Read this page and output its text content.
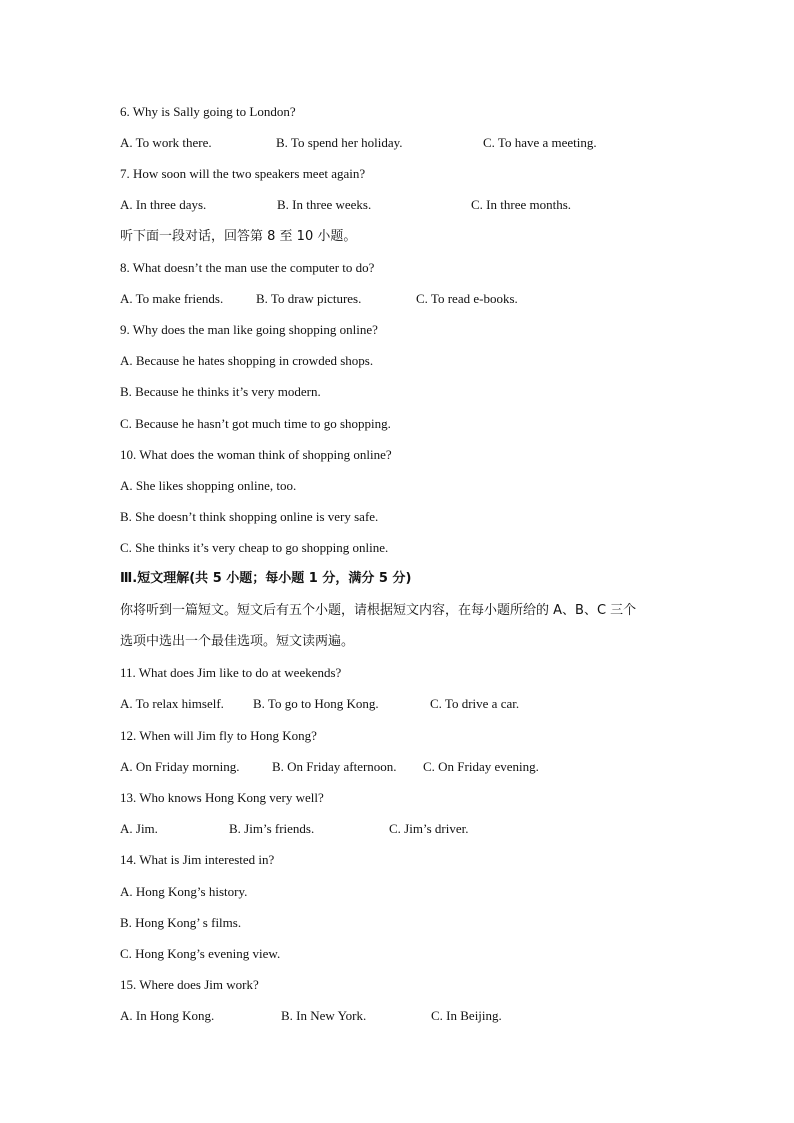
6. Why is Sally going to London?
A. To work there.	B. To spend her holiday.	C. To have a meeting.
7. How soon will the two speakers meet again?
A. In three days.	B. In three weeks.	C. In three months.
听下面一段对话，回答第 8 至 10 小题。
8. What doesn’t the man use the computer to do?
A. To make friends.	B. To draw pictures.	C. To read e-books.
9. Why does the man like going shopping online?
A. Because he hates shopping in crowded shops.
B. Because he thinks it’s very modern.
C. Because he hasn’t got much time to go shopping.
10. What does the woman think of shopping online?
A. She likes shopping online, too.
B. She doesn’t think shopping online is very safe.
C. She thinks it’s very cheap to go shopping online.
Ⅲ.短文理解(共 5 小题；每小题 1 分，满分 5 分)
你将听到一篇短文。短文后有五个小题，请根据短文内容，在每小题所给的 A、B、C 三个
选项中选出一个最佳选项。短文读两遍。
11. What does Jim like to do at weekends?
A. To relax himself. B. To go to Hong Kong.	C. To drive a car.
12. When will Jim fly to Hong Kong?
A. On Friday morning. B. On Friday afternoon. C. On Friday evening.
13. Who knows Hong Kong very well?
A. Jim.	B. Jim’s friends.	C. Jim’s driver.
14. What is Jim interested in?
A. Hong Kong’s history.
B. Hong Kong’ s films.
C. Hong Kong’s evening view.
15. Where does Jim work?
A. In Hong Kong.	B. In New York.	C. In Beijing.
